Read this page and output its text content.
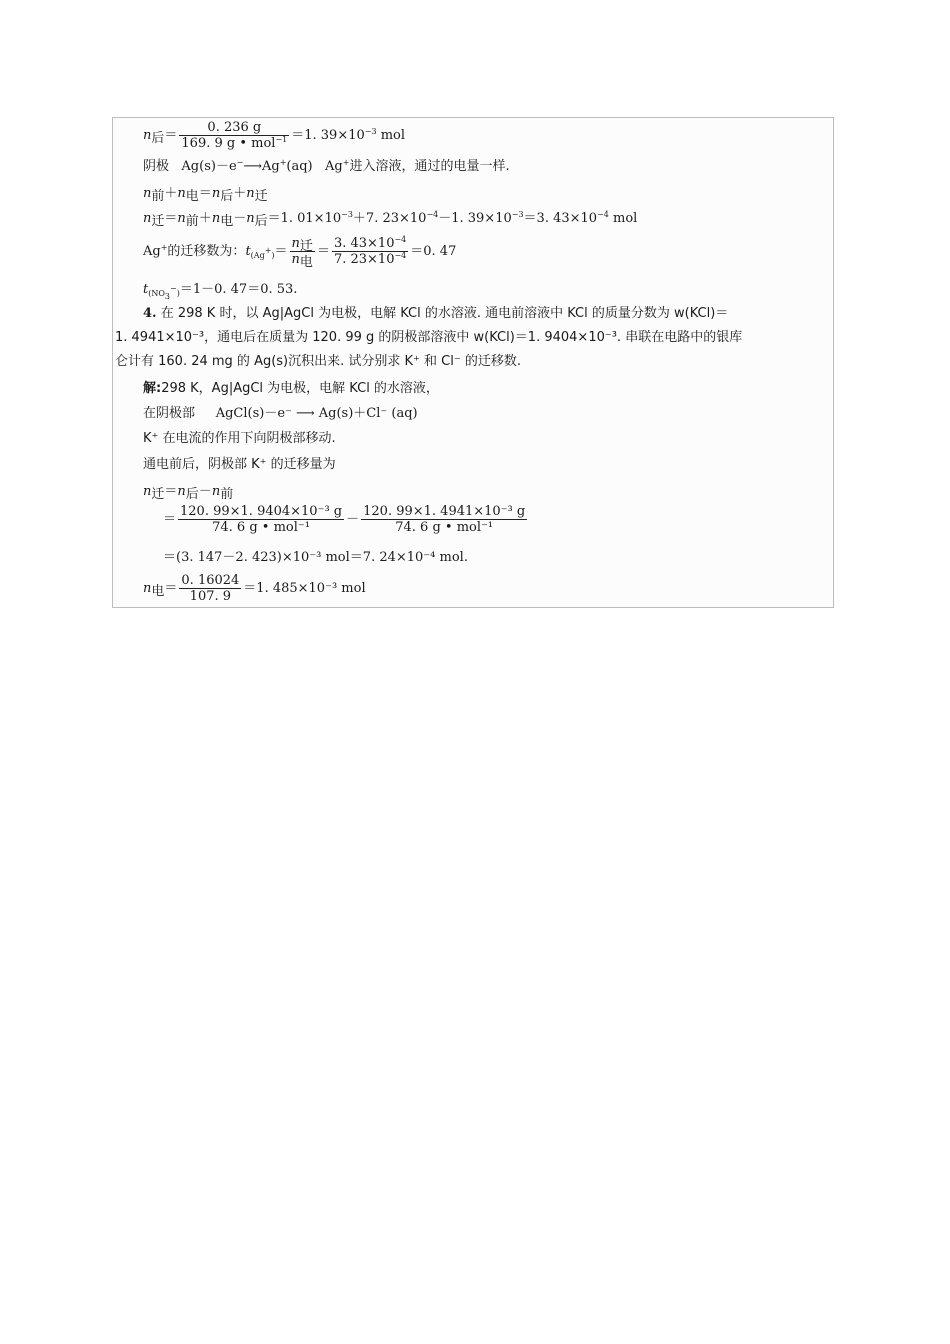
$n_后= \frac{0. 236 g}{169. 9 g • mol^{-1}} =1$. $39\times 10^{-3}$ mol
阴极 Ag(s)－e−⟶Ag+(aq) Ag+进入溶液，通过的电量一样.
$n_前+n_电=n_后+n_迁$
$n_迁=n_前+n_电-n_后=1$. $01\times 10^{-3}+7$. $23\times 10^{-4}-1$. $39\times 10^{-3}=3$. $43\times 10^{-4}$ mol
Ag+的迁移数为：$t_{(Ag^+)}= \frac{n_迁}{n_电} = \frac{3. 43\times 10^{-4}}{7. 23\times 10^{-4}} =0$. 47
$t_{(NO_3^-)}=1-0$. 47＝0. 53.
4. 在 298 K 时，以 Ag|AgCl 为电极，电解 KCl 的水溶液. 通电前溶液中 KCl 的质量分数为 w(KCl)＝
1. 4941×10⁻³，通电后在质量为 120. 99 g 的阴极部溶液中 w(KCl)＝1. 9404×10⁻³. 串联在电路中的银库
仑计有 160. 24 mg 的 Ag(s)沉积出来. 试分别求 K⁺ 和 Cl⁻ 的迁移数.
解:298 K，Ag|AgCl 为电极，电解 KCl 的水溶液，
在阴极部 AgCl(s)－e⁻ ⟶ Ag(s)＋Cl⁻ (aq)
K⁺ 在电流的作用下向阴极部移动.
通电前后，阴极部 K⁺ 的迁移量为
$n_迁=n_后-n_前$
＝ $\frac{\text{120. 99×1. 9404×10⁻³ g}}{\text{74. 6 g • mol⁻¹}} - \frac{\text{120. 99×1. 4941×10⁻³ g}}{\text{74. 6 g • mol⁻¹}}$
＝(3. 147－2. 423)×10⁻³ mol＝7. 24×10⁻⁴ mol.
$n_电= \frac{0. 16024}{107. 9} =1$. 485×10⁻³ mol
